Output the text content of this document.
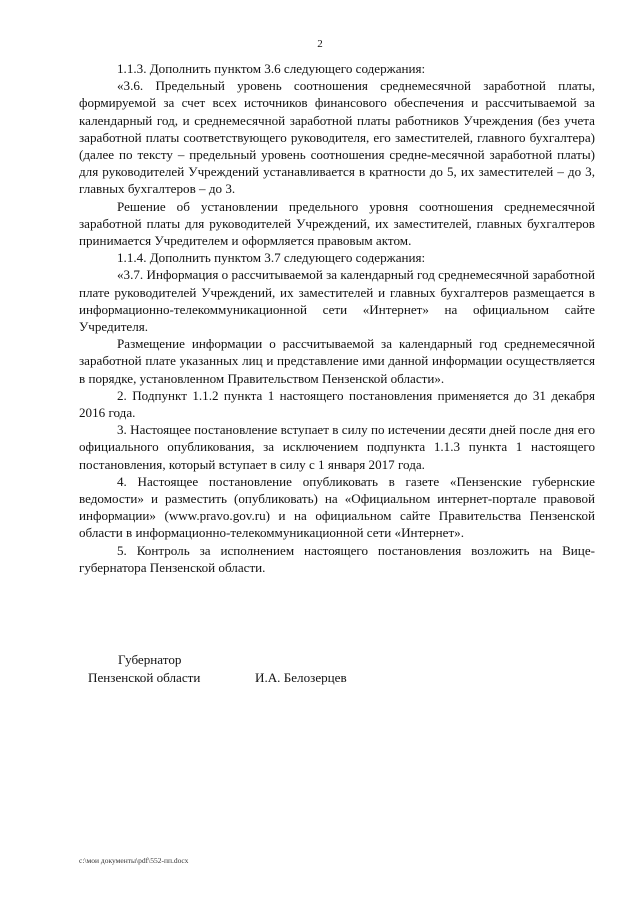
2

1.1.3. Дополнить пунктом 3.6 следующего содержания:

«3.6. Предельный уровень соотношения среднемесячной заработной платы, формируемой за счет всех источников финансового обеспечения и рассчитываемой за календарный год, и среднемесячной заработной платы работников Учреждения (без учета заработной платы соответствующего руководителя, его заместителей, главного бухгалтера) (далее по тексту – предельный уровень соотношения средне-месячной заработной платы) для руководителей Учреждений устанавливается в кратности до 5, их заместителей – до 3, главных бухгалтеров – до 3.

Решение об установлении предельного уровня соотношения среднемесячной заработной платы для руководителей Учреждений, их заместителей, главных бухгалтеров принимается Учредителем и оформляется правовым актом.

1.1.4. Дополнить пунктом 3.7 следующего содержания:

«3.7. Информация о рассчитываемой за календарный год среднемесячной заработной плате руководителей Учреждений, их заместителей и главных бухгалтеров размещается в информационно-телекоммуникационной сети «Интернет» на официальном сайте Учредителя.

Размещение информации о рассчитываемой за календарный год среднемесячной заработной плате указанных лиц и представление ими данной информации осуществляется в порядке, установленном Правительством Пензенской области».

2. Подпункт 1.1.2 пункта 1 настоящего постановления применяется до 31 декабря 2016 года.

3. Настоящее постановление вступает в силу по истечении десяти дней после дня его официального опубликования, за исключением подпункта 1.1.3 пункта 1 настоящего постановления, который вступает в силу с 1 января 2017 года.

4. Настоящее постановление опубликовать в газете «Пензенские губернские ведомости» и разместить (опубликовать) на «Официальном интернет-портале правовой информации» (www.pravo.gov.ru) и на официальном сайте Правительства Пензенской области в информационно-телекоммуникационной сети «Интернет».

5. Контроль за исполнением настоящего постановления возложить на Вице-губернатора Пензенской области.

Губернатор
Пензенской области	И.А. Белозерцев
c:\мои документы\pdf\552-пп.docx
